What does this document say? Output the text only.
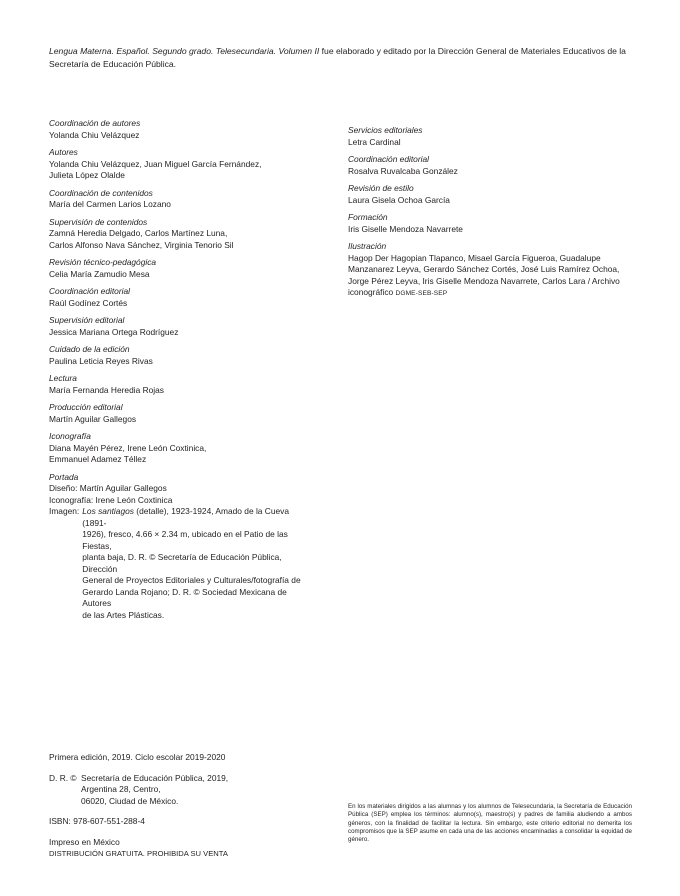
Lengua Materna. Español. Segundo grado. Telesecundaria. Volumen II fue elaborado y editado por la Dirección General de Materiales Educativos de la Secretaría de Educación Pública.
Coordinación de autores
Yolanda Chiu Velázquez
Autores
Yolanda Chiu Velázquez, Juan Miguel García Fernández,
Julieta López Olalde
Coordinación de contenidos
María del Carmen Larios Lozano
Supervisión de contenidos
Zamná Heredia Delgado, Carlos Martínez Luna,
Carlos Alfonso Nava Sánchez, Virginia Tenorio Sil
Revisión técnico-pedagógica
Celia María Zamudio Mesa
Coordinación editorial
Raúl Godínez Cortés
Supervisión editorial
Jessica Mariana Ortega Rodríguez
Cuidado de la edición
Paulina Leticia Reyes Rivas
Lectura
María Fernanda Heredia Rojas
Producción editorial
Martín Aguilar Gallegos
Iconografía
Diana Mayén Pérez, Irene León Coxtinica,
Emmanuel Adamez Téllez
Portada
Diseño: Martín Aguilar Gallegos
Iconografía: Irene León Coxtinica
Imagen: Los santiagos (detalle), 1923-1924, Amado de la Cueva (1891-
1926), fresco, 4.66 × 2.34 m, ubicado en el Patio de las Fiestas,
planta baja, D. R. © Secretaría de Educación Pública, Dirección
General de Proyectos Editoriales y Culturales/fotografía de
Gerardo Landa Rojano; D. R. © Sociedad Mexicana de Autores
de las Artes Plásticas.
Servicios editoriales
Letra Cardinal
Coordinación editorial
Rosalva Ruvalcaba González
Revisión de estilo
Laura Gisela Ochoa García
Formación
Iris Giselle Mendoza Navarrete
Ilustración
Hagop Der Hagopian Tlapanco, Misael García Figueroa, Guadalupe
Manzanarez Leyva, Gerardo Sánchez Cortés, José Luis Ramírez Ochoa,
Jorge Pérez Leyva, Iris Giselle Mendoza Navarrete, Carlos Lara / Archivo
iconográfico DGME-SEB-SEP
Primera edición, 2019. Ciclo escolar 2019-2020
D. R. © Secretaría de Educación Pública, 2019,
Argentina 28, Centro,
06020, Ciudad de México.
ISBN: 978-607-551-288-4
Impreso en México
DISTRIBUCIÓN GRATUITA. PROHIBIDA SU VENTA
En los materiales dirigidos a las alumnas y los alumnos de Telesecundaria, la Secretaría de Educación Pública (SEP) emplea los términos: alumno(s), maestro(s) y padres de familia aludiendo a ambos géneros, con la finalidad de facilitar la lectura. Sin embargo, este criterio editorial no demerita los compromisos que la SEP asume en cada una de las acciones encaminadas a consolidar la equidad de género.
